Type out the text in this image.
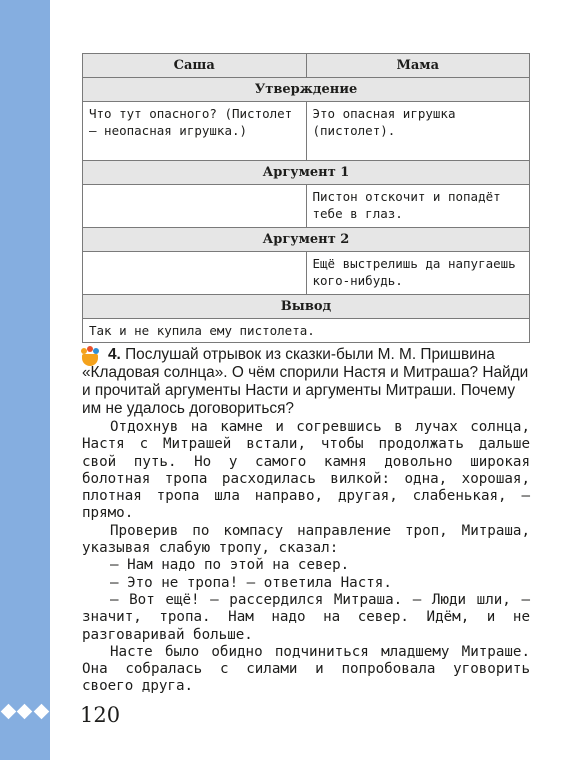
Саша	Мама
Утверждение	
Что тут опасного? (Пистолет — неопасная игрушка.)	Это опасная игрушка (пистолет).
Аргумент 1	
	Пистон отскочит и попадёт тебе в глаз.
Аргумент 2	
	Ещё выстрелишь да напугаешь кого-нибудь.
Вывод	
Так и не купила ему пистолета.	
4. Послушай отрывок из сказки-были М. М. Пришвина «Кладовая солнца». О чём спорили Настя и Митраша? Найди и прочитай аргументы Насти и аргументы Митраши. Почему им не удалось договориться?

Отдохнув на камне и согревшись в лучах солнца, Настя с Митрашей встали, чтобы продолжать дальше свой путь. Но у самого камня довольно широкая болотная тропа расходилась вилкой: одна, хорошая, плотная тропа шла направо, другая, слабенькая, — прямо.

Проверив по компасу направление троп, Митраша, указывая слабую тропу, сказал:

— Нам надо по этой на север.

— Это не тропа! — ответила Настя.

— Вот ещё! — рассердился Митраша. — Люди шли, — значит, тропа. Нам надо на север. Идём, и не разговаривай больше.

Насте было обидно подчиниться младшему Митраше. Она собралась с силами и попробовала уговорить своего друга.

120
